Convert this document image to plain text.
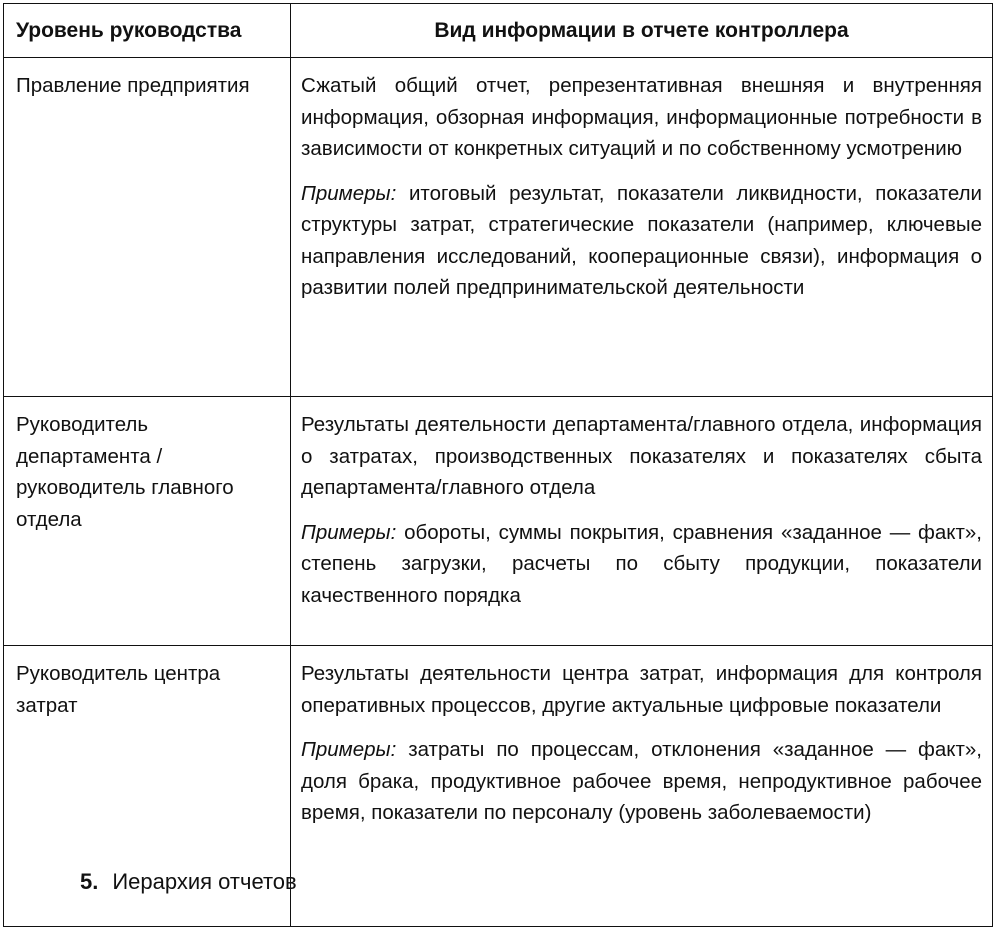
Уровень руководства	Вид информации в отчете контроллера
Правление предприятия	Сжатый общий отчет, репрезентативная внешняя и внутренняя информация, обзорная информация, информационные потребности в зависимости от конкретных ситуаций и по собственному усмотрению

Примеры: итоговый результат, показатели ликвидности, показатели структуры затрат, стратегические показатели (например, ключевые направления исследований, кооперационные связи), информация о развитии полей предпринимательской деятельности

Руководитель департамента / руководитель главного отдела	Результаты деятельности департамента/главного отдела, информация о затратах, производственных показателях и показателях сбыта департамента/главного отдела

Примеры: обороты, суммы покрытия, сравнения «заданное — факт», степень загрузки, расчеты по сбыту продукции, показатели качественного порядка

Руководитель центра затрат	Результаты деятельности центра затрат, информация для контроля оперативных процессов, другие актуальные цифровые показатели

Примеры: затраты по процессам, отклонения «заданное — факт», доля брака, продуктивное рабочее время, непродуктивное рабочее время, показатели по персоналу (уровень заболеваемости)

5. Иерархия отчетов
